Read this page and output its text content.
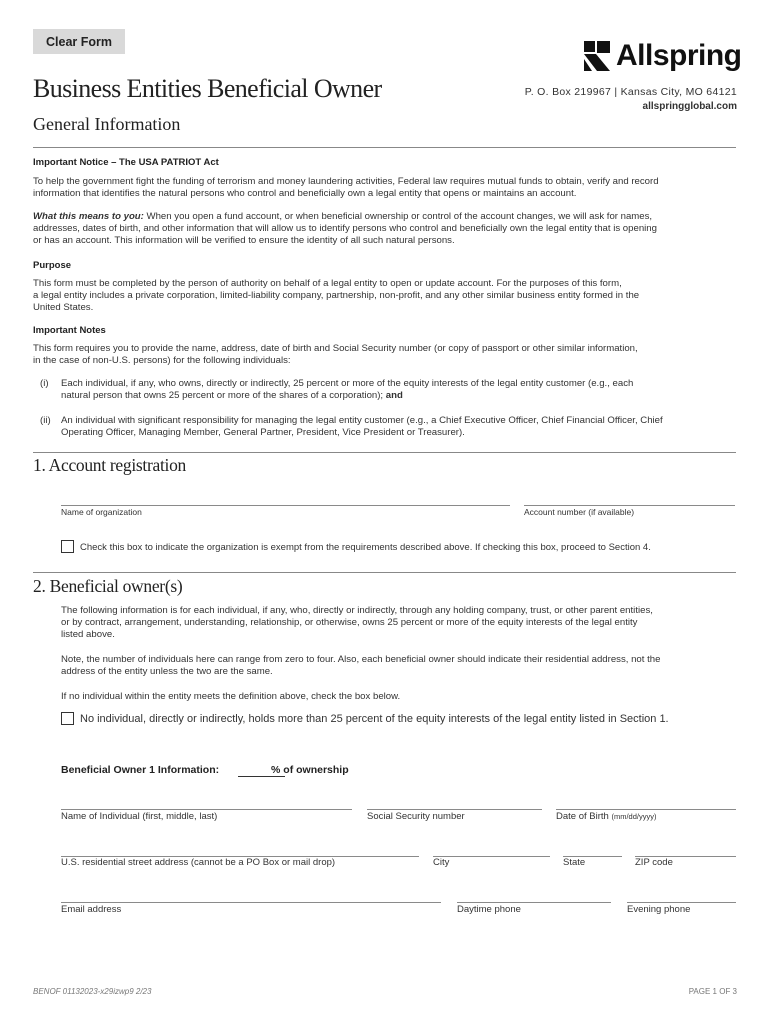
Clear Form	Allspring
Business Entities Beneficial Owner
General Information
P. O. Box 219967 | Kansas City, MO 64121
allspringglobal.com
Important Notice – The USA PATRIOT Act
To help the government fight the funding of terrorism and money laundering activities, Federal law requires mutual funds to obtain, verify and record
information that identifies the natural persons who control and beneficially own a legal entity that opens or maintains an account.
What this means to you: When you open a fund account, or when beneficial ownership or control of the account changes, we will ask for names,
addresses, dates of birth, and other information that will allow us to identify persons who control and beneficially own the legal entity that is opening
or has an account. This information will be verified to ensure the identity of all such natural persons.
Purpose
This form must be completed by the person of authority on behalf of a legal entity to open or update account. For the purposes of this form,
a legal entity includes a private corporation, limited-liability company, partnership, non-profit, and any other similar business entity formed in the
United States.
Important Notes
This form requires you to provide the name, address, date of birth and Social Security number (or copy of passport or other similar information,
in the case of non-U.S. persons) for the following individuals:
(i) Each individual, if any, who owns, directly or indirectly, 25 percent or more of the equity interests of the legal entity customer (e.g., each
natural person that owns 25 percent or more of the shares of a corporation); and
(ii) An individual with significant responsibility for managing the legal entity customer (e.g., a Chief Executive Officer, Chief Financial Officer, Chief
Operating Officer, Managing Member, General Partner, President, Vice President or Treasurer).
1. Account registration
Name of organization	Account number (if available)
Check this box to indicate the organization is exempt from the requirements described above. If checking this box, proceed to Section 4.
2. Beneficial owner(s)
The following information is for each individual, if any, who, directly or indirectly, through any holding company, trust, or other parent entities,
or by contract, arrangement, understanding, relationship, or otherwise, owns 25 percent or more of the equity interests of the legal entity
listed above.
Note, the number of individuals here can range from zero to four. Also, each beneficial owner should indicate their residential address, not the
address of the entity unless the two are the same.
If no individual within the entity meets the definition above, check the box below.
No individual, directly or indirectly, holds more than 25 percent of the equity interests of the legal entity listed in Section 1.
Beneficial Owner 1 Information:	% of ownership
Name of Individual (first, middle, last)	Social Security number	Date of Birth (mm/dd/yyyy)
U.S. residential street address (cannot be a PO Box or mail drop)	City	State	ZIP code
Email address	Daytime phone	Evening phone
BENOF 01132023-x29izwp9 2/23	PAGE 1 OF 3
